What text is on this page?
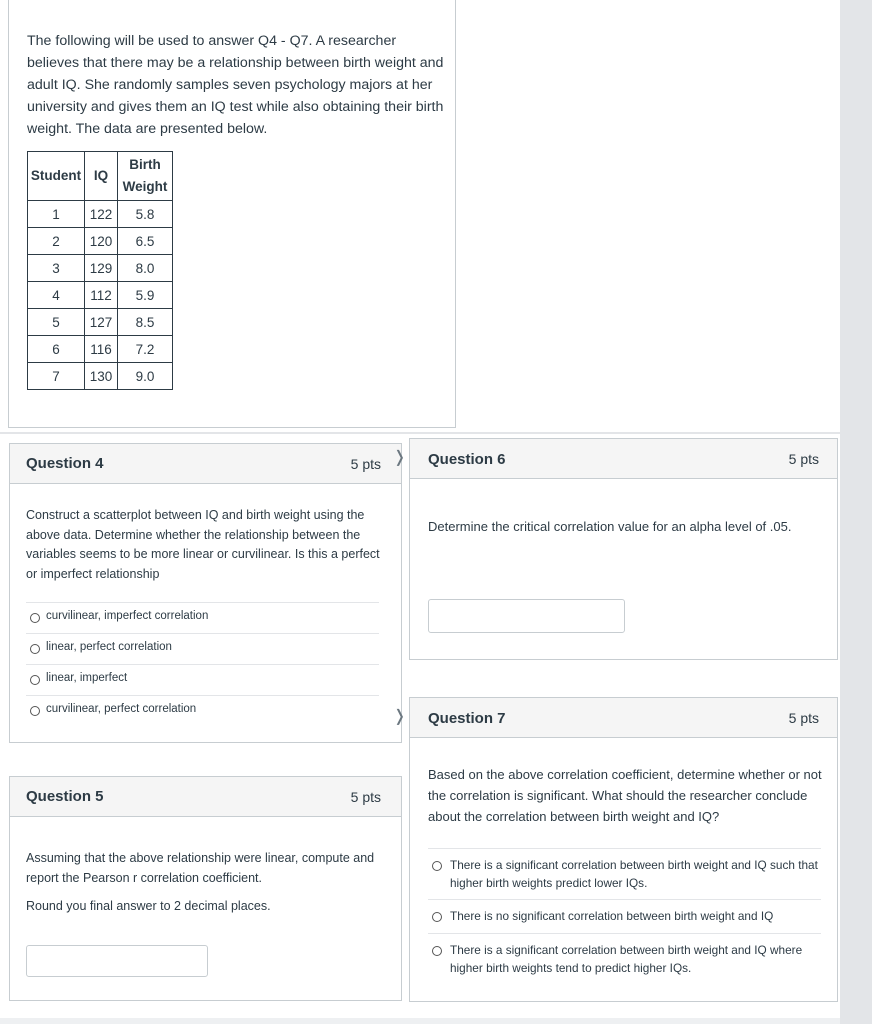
The following will be used to answer Q4 - Q7. A researcher believes that there may be a relationship between birth weight and adult IQ. She randomly samples seven psychology majors at her university and gives them an IQ test while also obtaining their birth weight. The data are presented below.
Student	IQ	Birth Weight
1	122	5.8
2	120	6.5
3	129	8.0
4	112	5.9
5	127	8.5
6	116	7.2
7	130	9.0
Question 4	5 pts
Construct a scatterplot between IQ and birth weight using the above data. Determine whether the relationship between the variables seems to be more linear or curvilinear. Is this a perfect or imperfect relationship
curvilinear, imperfect correlation
linear, perfect correlation
linear, imperfect
curvilinear, perfect correlation
❭
❭
Question 5	5 pts
Assuming that the above relationship were linear, compute and report the Pearson r correlation coefficient.
Round you final answer to 2 decimal places.
Question 6	5 pts
Determine the critical correlation value for an alpha level of .05.
Question 7	5 pts
Based on the above correlation coefficient, determine whether or not the correlation is significant. What should the researcher conclude about the correlation between birth weight and IQ?
There is a significant correlation between birth weight and IQ such that higher birth weights predict lower IQs.
There is no significant correlation between birth weight and IQ
There is a significant correlation between birth weight and IQ where higher birth weights tend to predict higher IQs.
